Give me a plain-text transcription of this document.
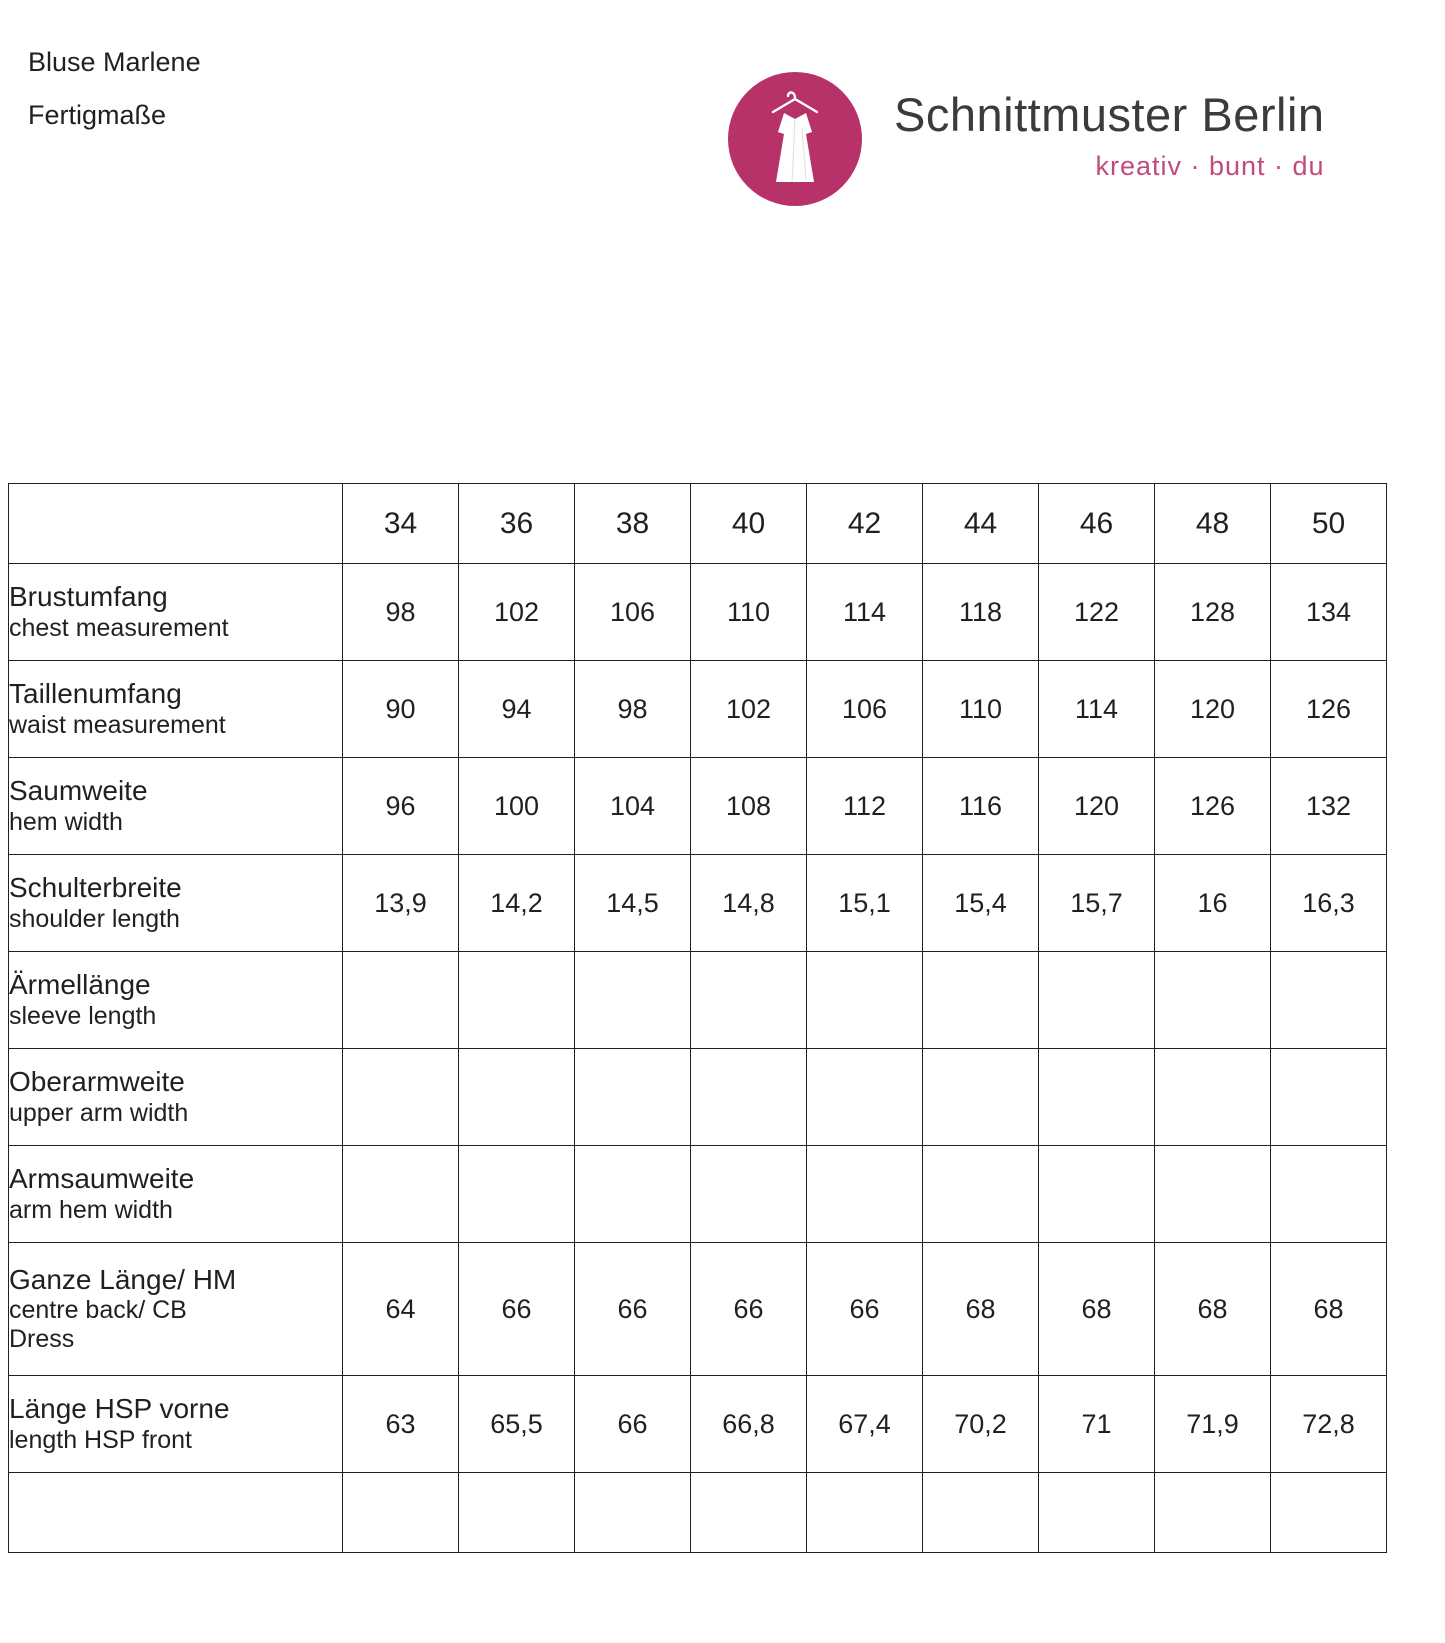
Bluse Marlene
Fertigmaße	Schnittmuster Berlin
kreativ · bunt · du
	34	36	38	40	42	44	46	48	50

Brustumfang
chest measurement	98	102	106	110	114	118	122	128	134

Taillenumfang
waist measurement	90	94	98	102	106	110	114	120	126

Saumweite
hem width	96	100	104	108	112	116	120	126	132

Schulterbreite
shoulder length	13,9	14,2	14,5	14,8	15,1	15,4	15,7	16	16,3

Ärmellänge
sleeve length									

Oberarmweite
upper arm width									

Armsaumweite
arm hem width									

Ganze Länge/ HM
centre back/ CB
Dress	64	66	66	66	66	68	68	68	68

Länge HSP vorne
length HSP front	63	65,5	66	66,8	67,4	70,2	71	71,9	72,8
